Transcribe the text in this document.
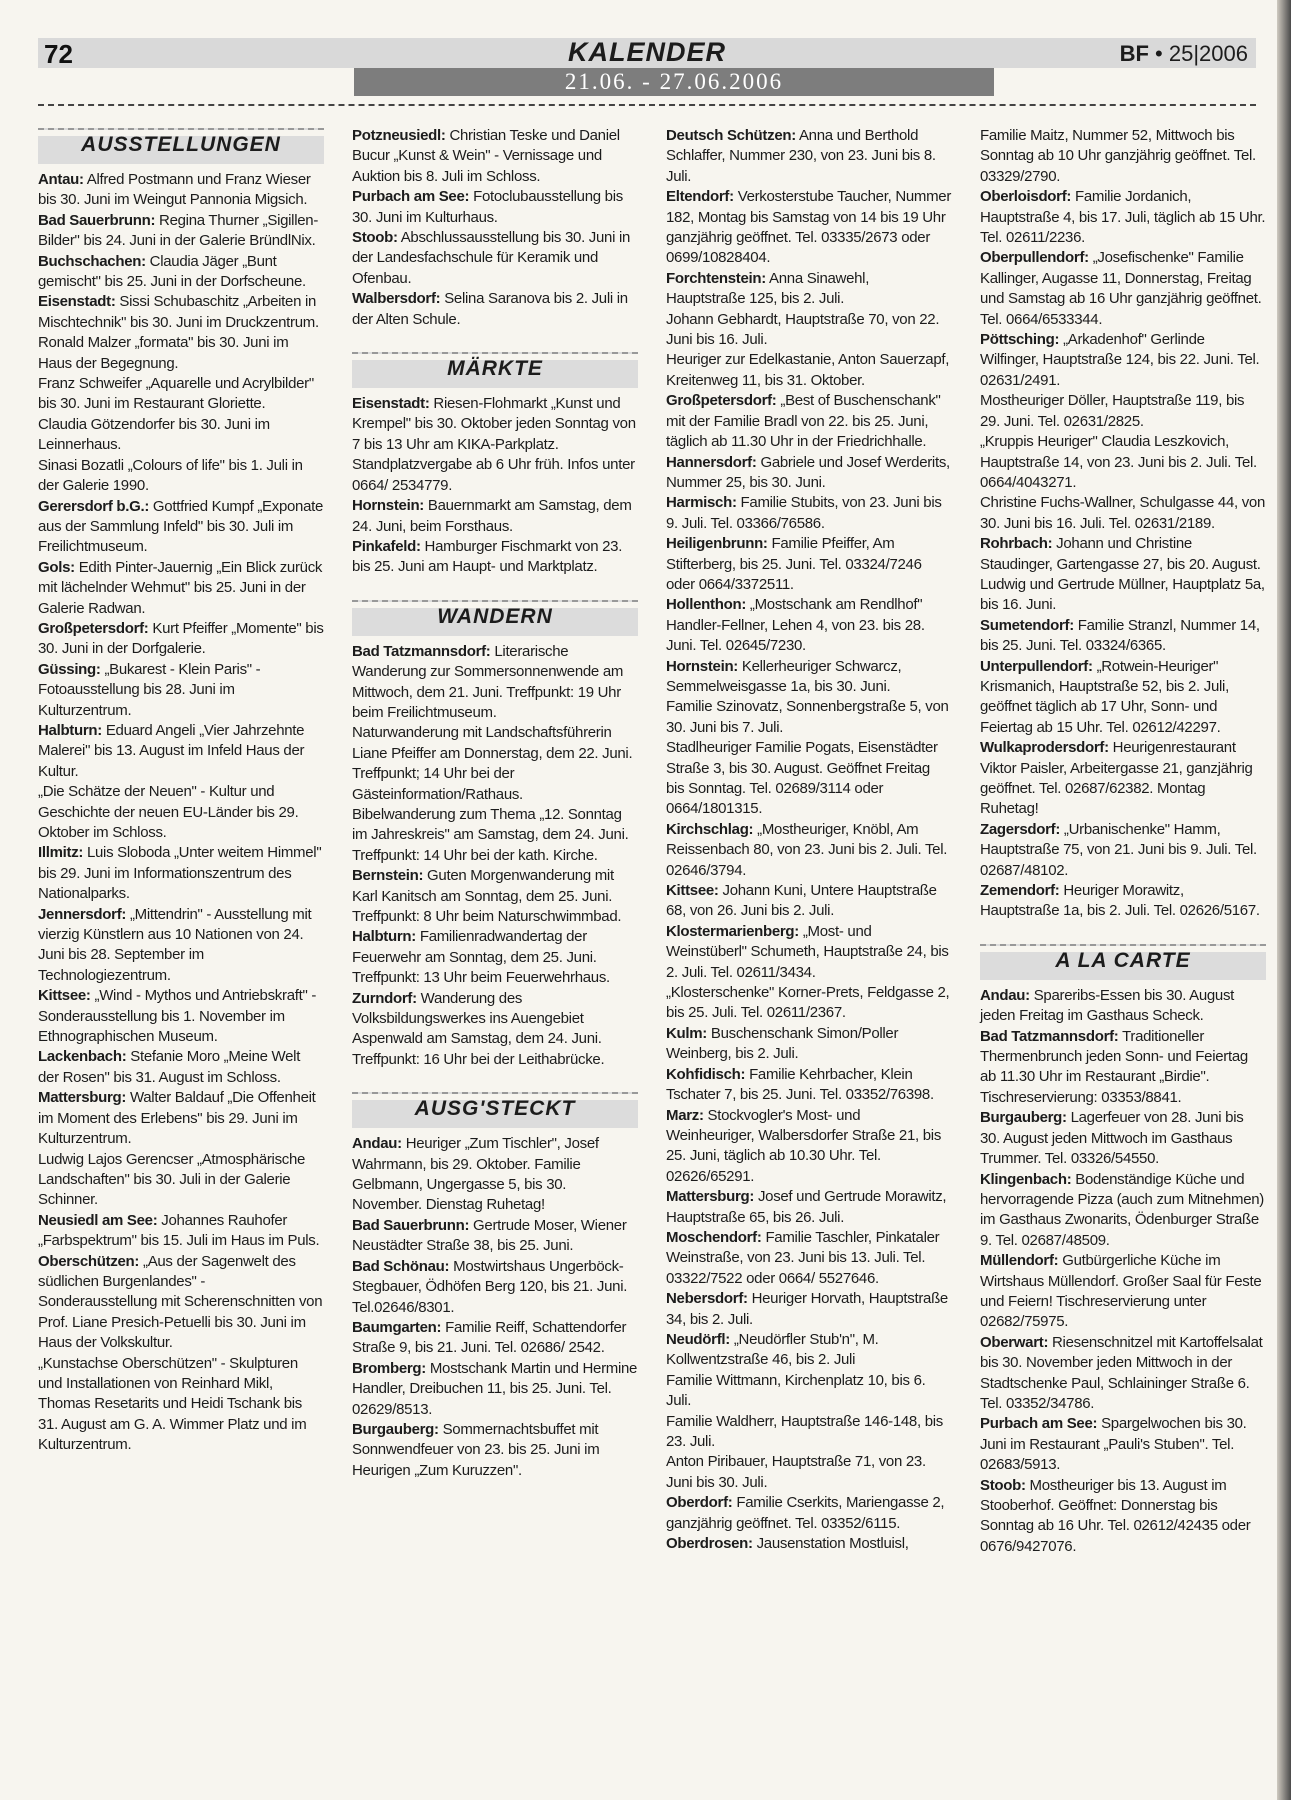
72	KALENDER	BF • 25|2006
21.06. - 27.06.2006
AUSSTELLUNGEN

Antau: Alfred Postmann und Franz Wieser bis 30. Juni im Weingut Pannonia Migsich.

Bad Sauerbrunn: Regina Thurner „Sigillen-Bilder" bis 24. Juni in der Galerie BründlNix.

Buchschachen: Claudia Jäger „Bunt gemischt" bis 25. Juni in der Dorfscheune.

Eisenstadt: Sissi Schubaschitz „Arbeiten in Mischtechnik" bis 30. Juni im Druckzentrum.

Ronald Malzer „formata" bis 30. Juni im Haus der Begegnung.

Franz Schweifer „Aquarelle und Acrylbilder" bis 30. Juni im Restaurant Gloriette.

Claudia Götzendorfer bis 30. Juni im Leinnerhaus.

Sinasi Bozatli „Colours of life" bis 1. Juli in der Galerie 1990.

Gerersdorf b.G.: Gottfried Kumpf „Exponate aus der Sammlung Infeld" bis 30. Juli im Freilichtmuseum.

Gols: Edith Pinter-Jauernig „Ein Blick zurück mit lächelnder Wehmut" bis 25. Juni in der Galerie Radwan.

Großpetersdorf: Kurt Pfeiffer „Momente" bis 30. Juni in der Dorfgalerie.

Güssing: „Bukarest - Klein Paris" - Fotoausstellung bis 28. Juni im Kulturzentrum.

Halbturn: Eduard Angeli „Vier Jahrzehnte Malerei" bis 13. August im Infeld Haus der Kultur.

„Die Schätze der Neuen" - Kultur und Geschichte der neuen EU-Länder bis 29. Oktober im Schloss.

Illmitz: Luis Sloboda „Unter weitem Himmel" bis 29. Juni im Informationszentrum des Nationalparks.

Jennersdorf: „Mittendrin" - Ausstellung mit vierzig Künstlern aus 10 Nationen von 24. Juni bis 28. September im Technologiezentrum.

Kittsee: „Wind - Mythos und Antriebskraft" - Sonderausstellung bis 1. November im Ethnographischen Museum.

Lackenbach: Stefanie Moro „Meine Welt der Rosen" bis 31. August im Schloss.

Mattersburg: Walter Baldauf „Die Offenheit im Moment des Erlebens" bis 29. Juni im Kulturzentrum.

Ludwig Lajos Gerencser „Atmosphärische Landschaften" bis 30. Juli in der Galerie Schinner.

Neusiedl am See: Johannes Rauhofer „Farbspektrum" bis 15. Juli im Haus im Puls.

Oberschützen: „Aus der Sagenwelt des südlichen Burgenlandes" - Sonderausstellung mit Scherenschnitten von Prof. Liane Presich-Petuelli bis 30. Juni im Haus der Volkskultur.

„Kunstachse Oberschützen" - Skulpturen und Installationen von Reinhard Mikl, Thomas Resetarits und Heidi Tschank bis 31. August am G. A. Wimmer Platz und im Kulturzentrum.

Potzneusiedl: Christian Teske und Daniel Bucur „Kunst & Wein" - Vernissage und Auktion bis 8. Juli im Schloss.

Purbach am See: Fotoclubausstellung bis 30. Juni im Kulturhaus.

Stoob: Abschlussausstellung bis 30. Juni in der Landesfachschule für Keramik und Ofenbau.

Walbersdorf: Selina Saranova bis 2. Juli in der Alten Schule.

MÄRKTE

Eisenstadt: Riesen-Flohmarkt „Kunst und Krempel" bis 30. Oktober jeden Sonntag von 7 bis 13 Uhr am KIKA-Parkplatz. Standplatzvergabe ab 6 Uhr früh. Infos unter 0664/ 2534779.

Hornstein: Bauernmarkt am Samstag, dem 24. Juni, beim Forsthaus.

Pinkafeld: Hamburger Fischmarkt von 23. bis 25. Juni am Haupt- und Marktplatz.

WANDERN

Bad Tatzmannsdorf: Literarische Wanderung zur Sommersonnenwende am Mittwoch, dem 21. Juni. Treffpunkt: 19 Uhr beim Freilichtmuseum.

Naturwanderung mit Landschaftsführerin Liane Pfeiffer am Donnerstag, dem 22. Juni. Treffpunkt; 14 Uhr bei der Gästeinformation/Rathaus.

Bibelwanderung zum Thema „12. Sonntag im Jahreskreis" am Samstag, dem 24. Juni. Treffpunkt: 14 Uhr bei der kath. Kirche.

Bernstein: Guten Morgenwanderung mit Karl Kanitsch am Sonntag, dem 25. Juni. Treffpunkt: 8 Uhr beim Naturschwimmbad.

Halbturn: Familienradwandertag der Feuerwehr am Sonntag, dem 25. Juni. Treffpunkt: 13 Uhr beim Feuerwehrhaus.

Zurndorf: Wanderung des Volksbildungswerkes ins Auengebiet Aspenwald am Samstag, dem 24. Juni. Treffpunkt: 16 Uhr bei der Leithabrücke.

AUSG'STECKT

Andau: Heuriger „Zum Tischler", Josef Wahrmann, bis 29. Oktober. Familie Gelbmann, Ungergasse 5, bis 30. November. Dienstag Ruhetag!

Bad Sauerbrunn: Gertrude Moser, Wiener Neustädter Straße 38, bis 25. Juni.

Bad Schönau: Mostwirtshaus Ungerböck-Stegbauer, Ödhöfen Berg 120, bis 21. Juni. Tel.02646/8301.

Baumgarten: Familie Reiff, Schattendorfer Straße 9, bis 21. Juni. Tel. 02686/ 2542.

Bromberg: Mostschank Martin und Hermine Handler, Dreibuchen 11, bis 25. Juni. Tel. 02629/8513.

Burgauberg: Sommernachtsbuffet mit Sonnwendfeuer von 23. bis 25. Juni im Heurigen „Zum Kuruzzen".

Deutsch Schützen: Anna und Berthold Schlaffer, Nummer 230, von 23. Juni bis 8. Juli.

Eltendorf: Verkosterstube Taucher, Nummer 182, Montag bis Samstag von 14 bis 19 Uhr ganzjährig geöffnet. Tel. 03335/2673 oder 0699/10828404.

Forchtenstein: Anna Sinawehl, Hauptstraße 125, bis 2. Juli.

Johann Gebhardt, Hauptstraße 70, von 22. Juni bis 16. Juli.

Heuriger zur Edelkastanie, Anton Sauerzapf, Kreitenweg 11, bis 31. Oktober.

Großpetersdorf: „Best of Buschenschank" mit der Familie Bradl von 22. bis 25. Juni, täglich ab 11.30 Uhr in der Friedrichhalle.

Hannersdorf: Gabriele und Josef Werderits, Nummer 25, bis 30. Juni.

Harmisch: Familie Stubits, von 23. Juni bis 9. Juli. Tel. 03366/76586.

Heiligenbrunn: Familie Pfeiffer, Am Stifterberg, bis 25. Juni. Tel. 03324/7246 oder 0664/3372511.

Hollenthon: „Mostschank am Rendlhof" Handler-Fellner, Lehen 4, von 23. bis 28. Juni. Tel. 02645/7230.

Hornstein: Kellerheuriger Schwarcz, Semmelweisgasse 1a, bis 30. Juni.

Familie Szinovatz, Sonnenbergstraße 5, von 30. Juni bis 7. Juli.

Stadlheuriger Familie Pogats, Eisenstädter Straße 3, bis 30. August. Geöffnet Freitag bis Sonntag. Tel. 02689/3114 oder 0664/1801315.

Kirchschlag: „Mostheuriger, Knöbl, Am Reissenbach 80, von 23. Juni bis 2. Juli. Tel. 02646/3794.

Kittsee: Johann Kuni, Untere Hauptstraße 68, von 26. Juni bis 2. Juli.

Klostermarienberg: „Most- und Weinstüberl" Schumeth, Hauptstraße 24, bis 2. Juli. Tel. 02611/3434.

„Klosterschenke" Korner-Prets, Feldgasse 2, bis 25. Juli. Tel. 02611/2367.

Kulm: Buschenschank Simon/Poller Weinberg, bis 2. Juli.

Kohfidisch: Familie Kehrbacher, Klein Tschater 7, bis 25. Juni. Tel. 03352/76398.

Marz: Stockvogler's Most- und Weinheuriger, Walbersdorfer Straße 21, bis 25. Juni, täglich ab 10.30 Uhr. Tel. 02626/65291.

Mattersburg: Josef und Gertrude Morawitz, Hauptstraße 65, bis 26. Juli.

Moschendorf: Familie Taschler, Pinkataler Weinstraße, von 23. Juni bis 13. Juli. Tel. 03322/7522 oder 0664/ 5527646.

Nebersdorf: Heuriger Horvath, Hauptstraße 34, bis 2. Juli.

Neudörfl: „Neudörfler Stub'n", M. Kollwentzstraße 46, bis 2. Juli

Familie Wittmann, Kirchenplatz 10, bis 6. Juli.

Familie Waldherr, Hauptstraße 146-148, bis 23. Juli.

Anton Piribauer, Hauptstraße 71, von 23. Juni bis 30. Juli.

Oberdorf: Familie Cserkits, Mariengasse 2, ganzjährig geöffnet. Tel. 03352/6115.

Oberdrosen: Jausenstation Mostluisl,

Familie Maitz, Nummer 52, Mittwoch bis Sonntag ab 10 Uhr ganzjährig geöffnet. Tel. 03329/2790.

Oberloisdorf: Familie Jordanich, Hauptstraße 4, bis 17. Juli, täglich ab 15 Uhr. Tel. 02611/2236.

Oberpullendorf: „Josefischenke" Familie Kallinger, Augasse 11, Donnerstag, Freitag und Samstag ab 16 Uhr ganzjährig geöffnet. Tel. 0664/6533344.

Pöttsching: „Arkadenhof" Gerlinde Wilfinger, Hauptstraße 124, bis 22. Juni. Tel. 02631/2491.

Mostheuriger Döller, Hauptstraße 119, bis 29. Juni. Tel. 02631/2825.

„Kruppis Heuriger" Claudia Leszkovich, Hauptstraße 14, von 23. Juni bis 2. Juli. Tel. 0664/4043271.

Christine Fuchs-Wallner, Schulgasse 44, von 30. Juni bis 16. Juli. Tel. 02631/2189.

Rohrbach: Johann und Christine Staudinger, Gartengasse 27, bis 20. August. Ludwig und Gertrude Müllner, Hauptplatz 5a, bis 16. Juni.

Sumetendorf: Familie Stranzl, Nummer 14, bis 25. Juni. Tel. 03324/6365.

Unterpullendorf: „Rotwein-Heuriger" Krismanich, Hauptstraße 52, bis 2. Juli, geöffnet täglich ab 17 Uhr, Sonn- und Feiertag ab 15 Uhr. Tel. 02612/42297.

Wulkaprodersdorf: Heurigenrestaurant Viktor Paisler, Arbeitergasse 21, ganzjährig geöffnet. Tel. 02687/62382. Montag Ruhetag!

Zagersdorf: „Urbanischenke" Hamm, Hauptstraße 75, von 21. Juni bis 9. Juli. Tel. 02687/48102.

Zemendorf: Heuriger Morawitz, Hauptstraße 1a, bis 2. Juli. Tel. 02626/5167.

A LA CARTE

Andau: Spareribs-Essen bis 30. August jeden Freitag im Gasthaus Scheck.

Bad Tatzmannsdorf: Traditioneller Thermenbrunch jeden Sonn- und Feiertag ab 11.30 Uhr im Restaurant „Birdie". Tischreservierung: 03353/8841.

Burgauberg: Lagerfeuer von 28. Juni bis 30. August jeden Mittwoch im Gasthaus Trummer. Tel. 03326/54550.

Klingenbach: Bodenständige Küche und hervorragende Pizza (auch zum Mitnehmen) im Gasthaus Zwonarits, Ödenburger Straße 9. Tel. 02687/48509.

Müllendorf: Gutbürgerliche Küche im Wirtshaus Müllendorf. Großer Saal für Feste und Feiern! Tischreservierung unter 02682/75975.

Oberwart: Riesenschnitzel mit Kartoffelsalat bis 30. November jeden Mittwoch in der Stadtschenke Paul, Schlaininger Straße 6. Tel. 03352/34786.

Purbach am See: Spargelwochen bis 30. Juni im Restaurant „Pauli's Stuben". Tel. 02683/5913.

Stoob: Mostheuriger bis 13. August im Stooberhof. Geöffnet: Donnerstag bis Sonntag ab 16 Uhr. Tel. 02612/42435 oder 0676/9427076.
